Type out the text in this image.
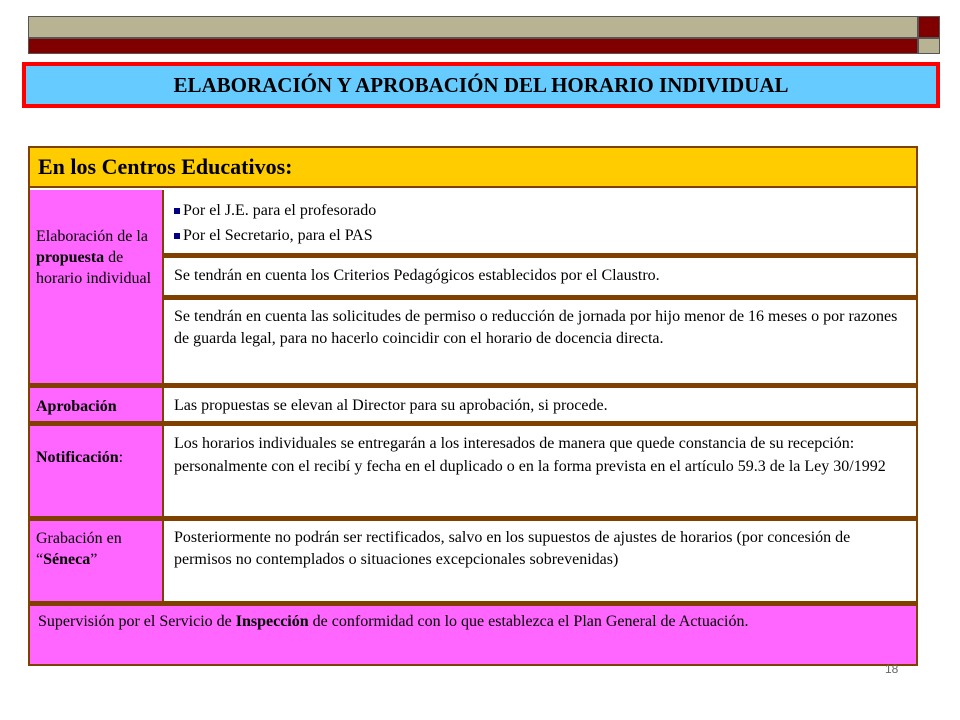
ELABORACIÓN Y APROBACIÓN DEL HORARIO INDIVIDUAL
En los Centros Educativos:
Elaboración de la propuesta de horario individual
Por el J.E. para el profesorado
Por el Secretario, para el PAS
Se tendrán en cuenta los Criterios Pedagógicos establecidos por el Claustro.
Se tendrán en cuenta las solicitudes de permiso o reducción de jornada por hijo menor de 16 meses o por razones de guarda legal, para no hacerlo coincidir con el horario de docencia directa.
Aprobación	Las propuestas se elevan al Director para su aprobación, si procede.
Notificación:
Los horarios individuales se entregarán a los interesados de manera que quede constancia de su recepción: personalmente con el recibí y fecha en el duplicado o en la forma prevista en el artículo 59.3 de la Ley 30/1992
Grabación en “Séneca”
Posteriormente no podrán ser rectificados, salvo en los supuestos de ajustes de horarios (por concesión de permisos no contemplados o situaciones excepcionales sobrevenidas)
Supervisión por el Servicio de Inspección de conformidad con lo que establezca el Plan General de Actuación.
18
